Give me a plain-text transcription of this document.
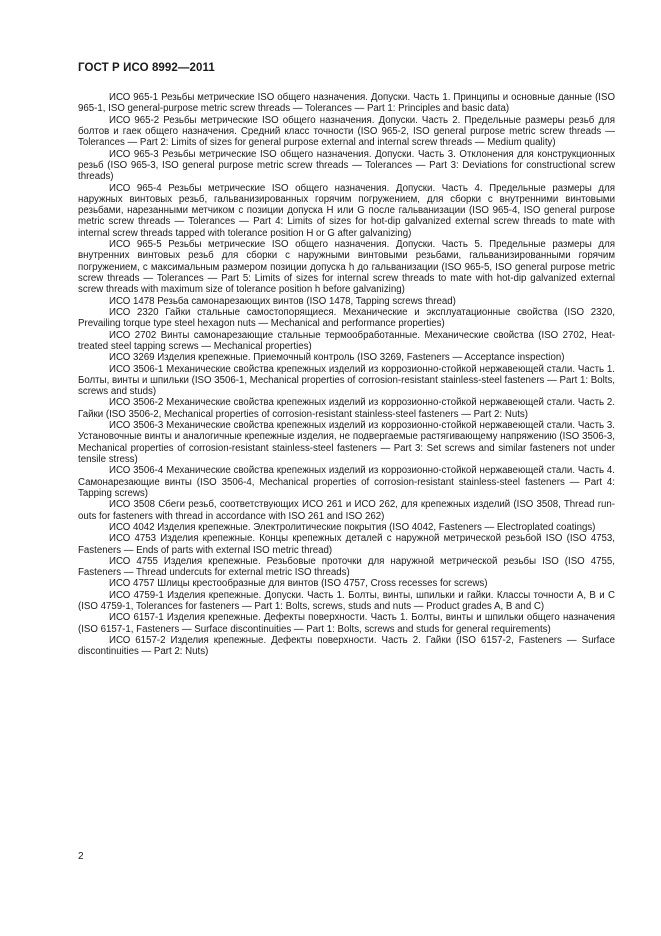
ГОСТ Р ИСО 8992—2011

ИСО 965-1 Резьбы метрические ISO общего назначения. Допуски. Часть 1. Принципы и основные данные (ISO 965-1, ISO general-purpose metric screw threads — Tolerances — Part 1: Principles and basic data)

ИСО 965-2 Резьбы метрические ISO общего назначения. Допуски. Часть 2. Предельные размеры резьб для болтов и гаек общего назначения. Средний класс точности (ISO 965-2, ISO general purpose metric screw threads — Tolerances — Part 2: Limits of sizes for general purpose external and internal screw threads — Medium quality)

ИСО 965-3 Резьбы метрические ISO общего назначения. Допуски. Часть 3. Отклонения для конструкционных резьб (ISO 965-3, ISO general purpose metric screw threads — Tolerances — Part 3: Deviations for constructional screw threads)

ИСО 965-4 Резьбы метрические ISO общего назначения. Допуски. Часть 4. Предельные размеры для наружных винтовых резьб, гальванизированных горячим погружением, для сборки с внутренними винтовыми резьбами, нарезанными метчиком с позиции допуска H или G после гальванизации (ISO 965-4, ISO general purpose metric screw threads — Tolerances — Part 4: Limits of sizes for hot-dip galvanized external screw threads to mate with internal screw threads tapped with tolerance position H or G after galvanizing)

ИСО 965-5 Резьбы метрические ISO общего назначения. Допуски. Часть 5. Предельные размеры для внутренних винтовых резьб для сборки с наружными винтовыми резьбами, гальванизированными горячим погружением, с максимальным размером позиции допуска h до гальванизации (ISO 965-5, ISO general purpose metric screw threads — Tolerances — Part 5: Limits of sizes for internal screw threads to mate with hot-dip galvanized external screw threads with maximum size of tolerance position h before galvanizing)

ИСО 1478 Резьба самонарезающих винтов (ISO 1478, Tapping screws thread)

ИСО 2320 Гайки стальные самостопорящиеся. Механические и эксплуатационные свойства (ISO 2320, Prevailing torque type steel hexagon nuts — Mechanical and performance properties)

ИСО 2702 Винты самонарезающие стальные термообработанные. Механические свойства (ISO 2702, Heat-treated steel tapping screws — Mechanical properties)

ИСО 3269 Изделия крепежные. Приемочный контроль (ISO 3269, Fasteners — Acceptance inspection)

ИСО 3506-1 Механические свойства крепежных изделий из коррозионно-стойкой нержавеющей стали. Часть 1. Болты, винты и шпильки (ISO 3506-1, Mechanical properties of corrosion-resistant stainless-steel fasteners — Part 1: Bolts, screws and studs)

ИСО 3506-2 Механические свойства крепежных изделий из коррозионно-стойкой нержавеющей стали. Часть 2. Гайки (ISO 3506-2, Mechanical properties of corrosion-resistant stainless-steel fasteners — Part 2: Nuts)

ИСО 3506-3 Механические свойства крепежных изделий из коррозионно-стойкой нержавеющей стали. Часть 3. Установочные винты и аналогичные крепежные изделия, не подвергаемые растягивающему напряжению (ISO 3506-3, Mechanical properties of corrosion-resistant stainless-steel fasteners — Part 3: Set screws and similar fasteners not under tensile stress)

ИСО 3506-4 Механические свойства крепежных изделий из коррозионно-стойкой нержавеющей стали. Часть 4. Самонарезающие винты (ISO 3506-4, Mechanical properties of corrosion-resistant stainless-steel fasteners — Part 4: Tapping screws)

ИСО 3508 Сбеги резьб, соответствующих ИСО 261 и ИСО 262, для крепежных изделий (ISO 3508, Thread run-outs for fasteners with thread in accordance with ISO 261 and ISO 262)

ИСО 4042 Изделия крепежные. Электролитические покрытия (ISO 4042, Fasteners — Electroplated coatings)

ИСО 4753 Изделия крепежные. Концы крепежных деталей с наружной метрической резьбой ISO (ISO 4753, Fasteners — Ends of parts with external ISO metric thread)

ИСО 4755 Изделия крепежные. Резьбовые проточки для наружной метрической резьбы ISO (ISO 4755, Fasteners — Thread undercuts for external metric ISO threads)

ИСО 4757 Шлицы крестообразные для винтов (ISO 4757, Cross recesses for screws)

ИСО 4759-1 Изделия крепежные. Допуски. Часть 1. Болты, винты, шпильки и гайки. Классы точности A, B и C (ISO 4759-1, Tolerances for fasteners — Part 1: Bolts, screws, studs and nuts — Product grades A, B and C)

ИСО 6157-1 Изделия крепежные. Дефекты поверхности. Часть 1. Болты, винты и шпильки общего назначения (ISO 6157-1, Fasteners — Surface discontinuities — Part 1: Bolts, screws and studs for general requirements)

ИСО 6157-2 Изделия крепежные. Дефекты поверхности. Часть 2. Гайки (ISO 6157-2, Fasteners — Surface discontinuities — Part 2: Nuts)

2
